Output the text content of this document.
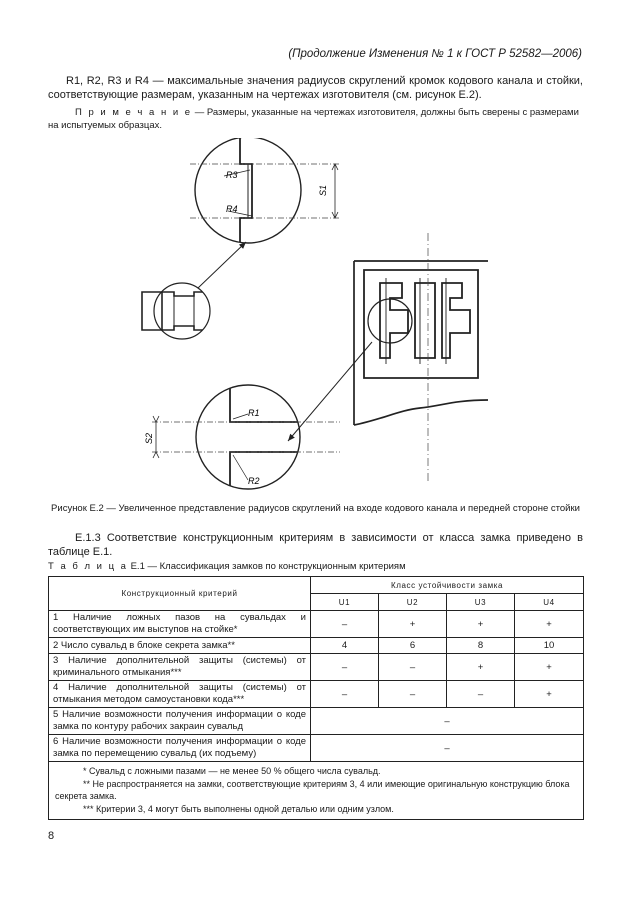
(Продолжение Изменения № 1 к ГОСТ Р 52582—2006)
R1, R2, R3 и R4 — максимальные значения радиусов скруглений кромок кодового канала и стойки, соответствующие размерам, указанным на чертежах изготовителя (см. рисунок Е.2).
П р и м е ч а н и е — Размеры, указанные на чертежах изготовителя, должны быть сверены с размерами на испытуемых образцах.
R3
R4
S1
R1
R2
S2
Рисунок Е.2 — Увеличенное представление радиусов скруглений на входе кодового канала и передней стороне стойки
Е.1.3 Соответствие конструкционным критериям в зависимости от класса замка приведено в таблице Е.1.
Т а б л и ц а Е.1 — Классификация замков по конструкционным критериям
Конструкционный критерий	Класс устойчивости замка			
	U1	U2	U3	U4
1 Наличие ложных пазов на сувальдах и соответствующих им выступов на стойке*	–	+	+	+
2 Число сувальд в блоке секрета замка**	4	6	8	10
3 Наличие дополнительной защиты (системы) от криминального отмыкания***	–	–	+	+
4 Наличие дополнительной защиты (системы) от отмыкания методом самоустановки кода***	–	–	–	+
5 Наличие возможности получения информации о коде замка по контуру рабочих закраин сувальд	–			
6 Наличие возможности получения информации о коде замка по перемещению сувальд (их подъему)	–			

* Сувальд с ложными пазами — не менее 50 % общего числа сувальд.
** Не распространяется на замки, соответствующие критериям 3, 4 или имеющие оригинальную конструкцию блока секрета замка.
*** Критерии 3, 4 могут быть выполнены одной деталью или одним узлом.				
8
